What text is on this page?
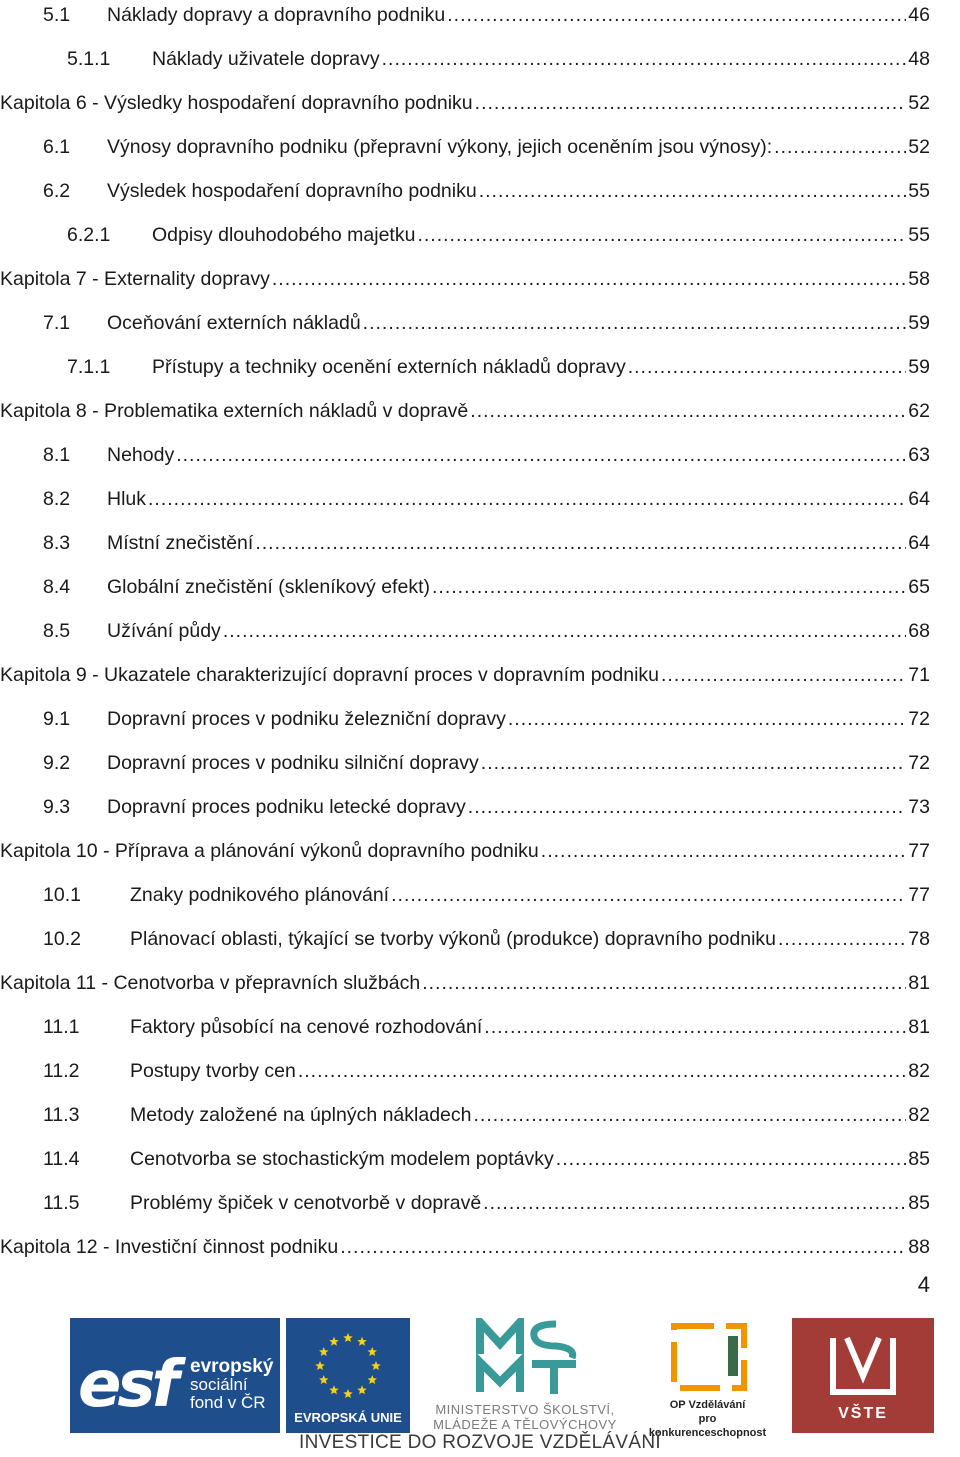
5.1	Náklady dopravy a dopravního podniku .....	46
5.1.1	Náklady uživatele dopravy .....	48
Kapitola 6 - Výsledky hospodaření dopravního podniku .....	52
6.1	Výnosy dopravního podniku (přepravní výkony, jejich oceněním jsou výnosy): .....	52
6.2	Výsledek hospodaření dopravního podniku .....	55
6.2.1	Odpisy dlouhodobého majetku .....	55
Kapitola 7 - Externality dopravy .....	58
7.1	Oceňování externích nákladů .....	59
7.1.1	Přístupy a techniky ocenění externích nákladů dopravy .....	59
Kapitola 8 - Problematika externích nákladů v dopravě .....	62
8.1	Nehody .....	63
8.2	Hluk .....	64
8.3	Místní znečistění .....	64
8.4	Globální znečistění (skleníkový efekt) .....	65
8.5	Užívání půdy .....	68
Kapitola 9 - Ukazatele charakterizující dopravní proces v dopravním podniku .....	71
9.1	Dopravní proces v podniku železniční dopravy .....	72
9.2	Dopravní proces v podniku silniční dopravy .....	72
9.3	Dopravní proces podniku letecké dopravy .....	73
Kapitola 10 - Příprava a plánování výkonů dopravního podniku .....	77
10.1	Znaky podnikového plánování .....	77
10.2	Plánovací oblasti, týkající se tvorby výkonů (produkce) dopravního podniku .....	78
Kapitola 11 - Cenotvorba v přepravních službách .....	81
11.1	Faktory působící na cenové rozhodování .....	81
11.2	Postupy tvorby cen .....	82
11.3	Metody založené na úplných nákladech .....	82
11.4	Cenotvorba se stochastickým modelem poptávky .....	85
11.5	Problémy špiček v cenotvorbě v dopravě .....	85
Kapitola 12 - Investiční činnost podniku .....	88
4
esf evropský
sociální
fond v ČR
EVROPSKÁ UNIE
MINISTERSTVO ŠKOLSTVÍ,
MLÁDEŽE A TĚLOVÝCHOVY
OP Vzdělávání
pro konkurenceschopnost
VŠTE
INVESTICE DO ROZVOJE VZDĚLÁVÁNÍ
